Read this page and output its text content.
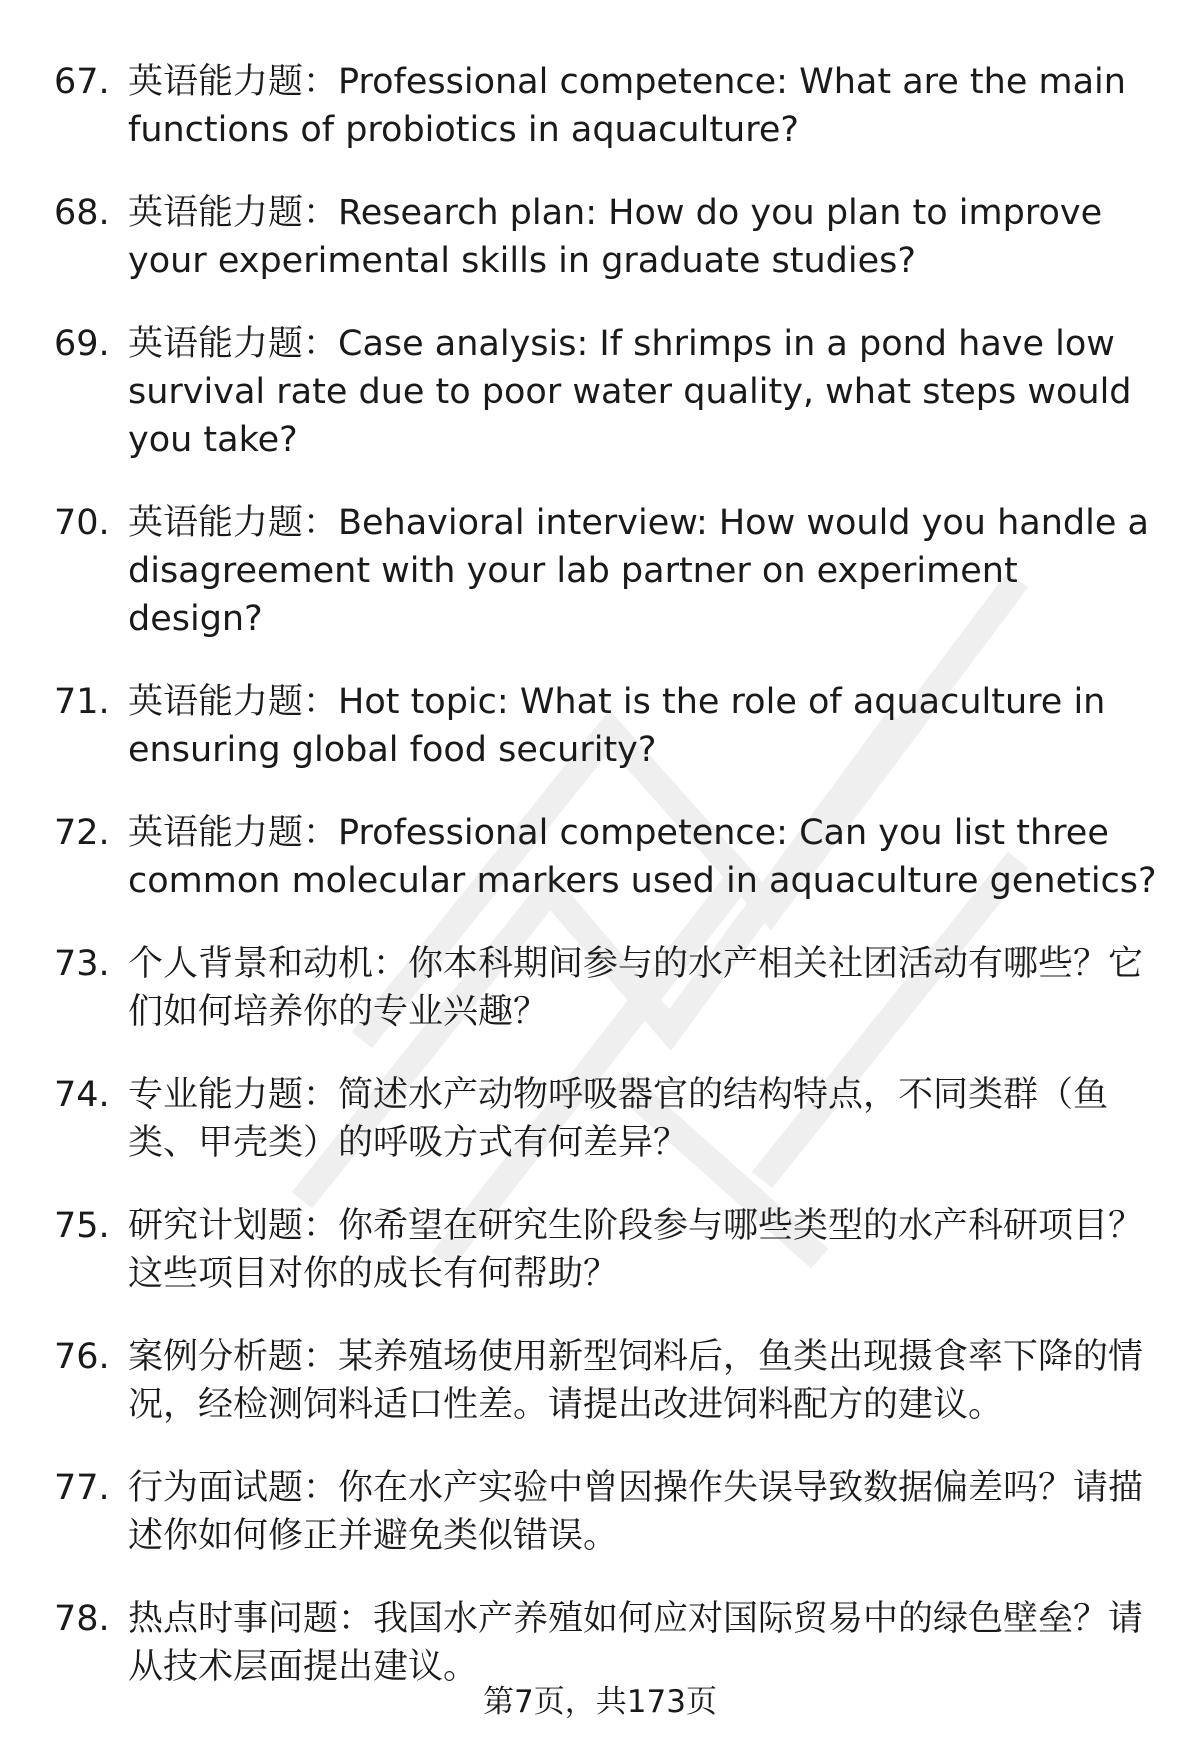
67. 英语能力题：Professional competence: What are the main functions of probiotics in aquaculture?
68. 英语能力题：Research plan: How do you plan to improve your experimental skills in graduate studies?
69. 英语能力题：Case analysis: If shrimps in a pond have low survival rate due to poor water quality, what steps would you take?
70. 英语能力题：Behavioral interview: How would you handle a disagreement with your lab partner on experiment design?
71. 英语能力题：Hot topic: What is the role of aquaculture in ensuring global food security?
72. 英语能力题：Professional competence: Can you list three common molecular markers used in aquaculture genetics?
73. 个人背景和动机：你本科期间参与的水产相关社团活动有哪些？它们如何培养你的专业兴趣？
74. 专业能力题：简述水产动物呼吸器官的结构特点，不同类群（鱼类、甲壳类）的呼吸方式有何差异？
75. 研究计划题：你希望在研究生阶段参与哪些类型的水产科研项目？这些项目对你的成长有何帮助？
76. 案例分析题：某养殖场使用新型饲料后，鱼类出现摄食率下降的情况，经检测饲料适口性差。请提出改进饲料配方的建议。
77. 行为面试题：你在水产实验中曾因操作失误导致数据偏差吗？请描述你如何修正并避免类似错误。
78. 热点时事问题：我国水产养殖如何应对国际贸易中的绿色壁垒？请从技术层面提出建议。
第7页，共173页
